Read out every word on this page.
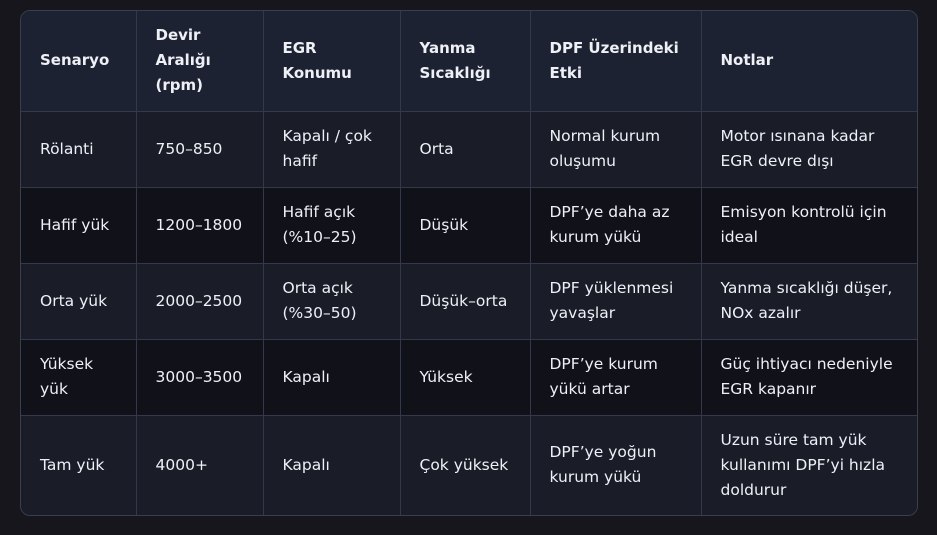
Senaryo	Devir Aralığı (rpm)	EGR Konumu	Yanma Sıcaklığı	DPF Üzerindeki Etki	Notlar
Rölanti	750–850	Kapalı / çok hafif	Orta	Normal kurum oluşumu	Motor ısınana kadar EGR devre dışı
Hafif yük	1200–1800	Hafif açık (%10–25)	Düşük	DPF’ye daha az kurum yükü	Emisyon kontrolü için ideal
Orta yük	2000–2500	Orta açık (%30–50)	Düşük–orta	DPF yüklenmesi yavaşlar	Yanma sıcaklığı düşer, NOx azalır
Yüksek yük	3000–3500	Kapalı	Yüksek	DPF’ye kurum yükü artar	Güç ihtiyacı nedeniyle EGR kapanır
Tam yük	4000+	Kapalı	Çok yüksek	DPF’ye yoğun kurum yükü	Uzun süre tam yük kullanımı DPF’yi hızla doldurur
